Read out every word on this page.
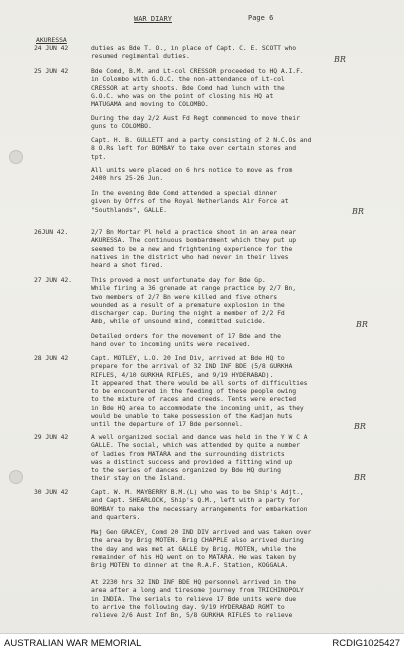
WAR DIARY	Page 6
AKURESSA
24 JUN 42	duties as Bde T. O., in place of Capt. C. E. SCOTT who
resumed regimental duties.
25 JUN 42	Bde Comd, B.M. and Lt-col CRESSOR proceeded to HQ A.I.F.
in Colombo with G.O.C. the non-attendance of Lt-col
CRESSOR at arty shoots. Bde Comd had lunch with the
G.O.C. who was on the point of closing his HQ at
MATUGAMA and moving to COLOMBO.
During the day 2/2 Aust Fd Regt commenced to move their
guns to COLOMBO.
Capt. H. B. GULLETT and a party consisting of 2 N.C.Os and
8 O.Rs left for BOMBAY to take over certain stores and
tpt.
All units were placed on 6 hrs notice to move as from
2400 hrs 25-26 Jun.
In the evening Bde Comd attended a special dinner
given by Offrs of the Royal Netherlands Air Force at
"Southlands", GALLE.
26JUN 42.	2/7 Bn Mortar Pl held a practice shoot in an area near
AKURESSA. The continuous bombardment which they put up
seemed to be a new and frightening experience for the
natives in the district who had never in their lives
heard a shot fired.
27 JUN 42.	This proved a most unfortunate day for Bde Gp.
While firing a 36 grenade at range practice by 2/7 Bn,
two members of 2/7 Bn were killed and five others
wounded as a result of a premature explosion in the
discharger cap. During the night a member of 2/2 Fd
Amb, while of unsound mind, committed suicide.
Detailed orders for the movement of 17 Bde and the
hand over to incoming units were received.
28 JUN 42	Capt. MOTLEY, L.O. 20 Ind Div, arrived at Bde HQ to
prepare for the arrival of 32 IND INF BDE (5/8 GURKHA
RIFLES, 4/10 GURKHA RIFLES, and 9/19 HYDERABAD).
It appeared that there would be all sorts of difficulties
to be encountered in the feeding of these people owing
to the mixture of races and creeds. Tents were erected
in Bde HQ area to accommodate the incoming unit, as they
would be unable to take possession of the Kadjan huts
until the departure of 17 Bde personnel.
29 JUN 42	A well organized social and dance was held in the Y W C A
GALLE. The social, which was attended by quite a number
of ladies from MATARA and the surrounding districts
was a distinct success and provided a fitting wind up
to the series of dances organized by Bde HQ during
their stay on the Island.
30 JUN 42	Capt. W. M. MAYBERRY B.M.(L) who was to be Ship's Adjt.,
and Capt. SHEARLOCK, Ship's Q.M., left with a party for
BOMBAY to make the necessary arrangements for embarkation
and quarters.
Maj Gen GRACEY, Comd 20 IND DIV arrived and was taken over
the area by Brig MOTEN. Brig CHAPPLE also arrived during
the day and was met at GALLE by Brig. MOTEN, while the
remainder of his HQ went on to MATARA. He was taken by
Brig MOTEN to dinner at the R.A.F. Station, KOGGALA.
At 2230 hrs 32 IND INF BDE HQ personnel arrived in the
area after a long and tiresome journey from TRICHINOPOLY
in INDIA. The serials to relieve 17 Bde units were due
to arrive the following day. 9/19 HYDERABAD RGMT to
relieve 2/6 Aust Inf Bn, 5/8 GURKHA RIFLES to relieve
BR
BR
BR
BR
BR
AUSTRALIAN WAR MEMORIAL	RCDIG1025427
